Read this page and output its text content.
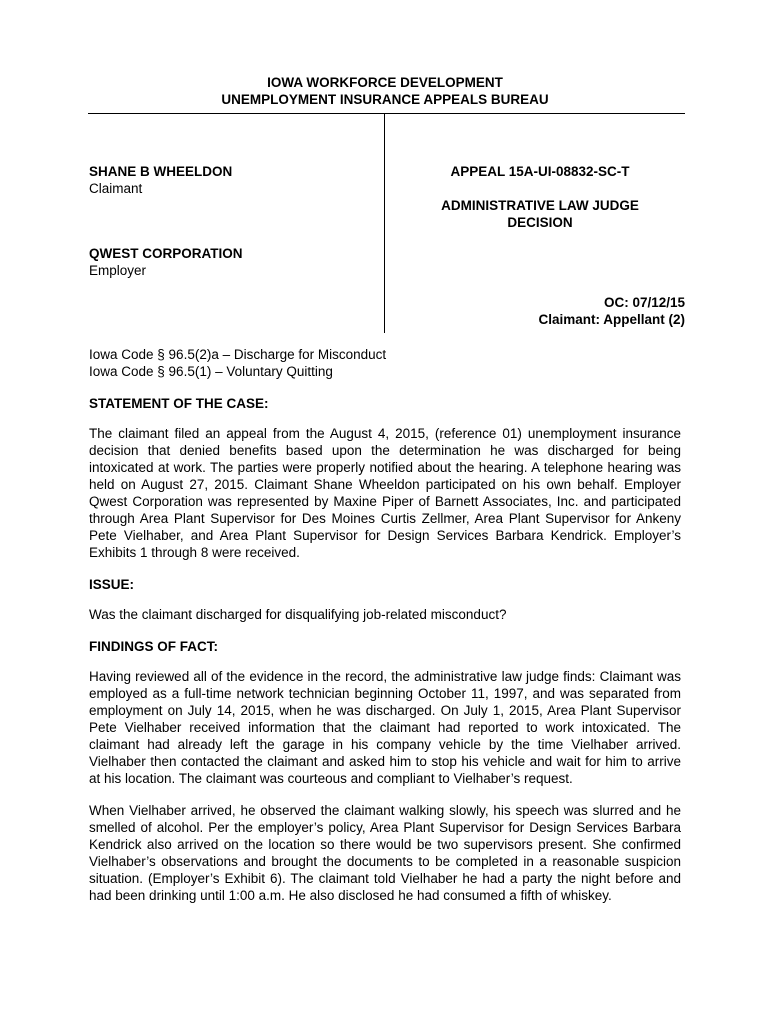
IOWA WORKFORCE DEVELOPMENT
UNEMPLOYMENT INSURANCE APPEALS BUREAU
SHANE B WHEELDON
Claimant
QWEST CORPORATION
Employer
APPEAL 15A-UI-08832-SC-T
ADMINISTRATIVE LAW JUDGE
DECISION
OC: 07/12/15
Claimant: Appellant (2)
Iowa Code § 96.5(2)a – Discharge for Misconduct
Iowa Code § 96.5(1) – Voluntary Quitting
STATEMENT OF THE CASE:
The claimant filed an appeal from the August 4, 2015, (reference 01) unemployment insurance decision that denied benefits based upon the determination he was discharged for being intoxicated at work. The parties were properly notified about the hearing. A telephone hearing was held on August 27, 2015. Claimant Shane Wheeldon participated on his own behalf. Employer Qwest Corporation was represented by Maxine Piper of Barnett Associates, Inc. and participated through Area Plant Supervisor for Des Moines Curtis Zellmer, Area Plant Supervisor for Ankeny Pete Vielhaber, and Area Plant Supervisor for Design Services Barbara Kendrick. Employer’s Exhibits 1 through 8 were received.
ISSUE:
Was the claimant discharged for disqualifying job-related misconduct?
FINDINGS OF FACT:
Having reviewed all of the evidence in the record, the administrative law judge finds: Claimant was employed as a full-time network technician beginning October 11, 1997, and was separated from employment on July 14, 2015, when he was discharged. On July 1, 2015, Area Plant Supervisor Pete Vielhaber received information that the claimant had reported to work intoxicated. The claimant had already left the garage in his company vehicle by the time Vielhaber arrived. Vielhaber then contacted the claimant and asked him to stop his vehicle and wait for him to arrive at his location. The claimant was courteous and compliant to Vielhaber’s request.
When Vielhaber arrived, he observed the claimant walking slowly, his speech was slurred and he smelled of alcohol. Per the employer’s policy, Area Plant Supervisor for Design Services Barbara Kendrick also arrived on the location so there would be two supervisors present. She confirmed Vielhaber’s observations and brought the documents to be completed in a reasonable suspicion situation. (Employer’s Exhibit 6). The claimant told Vielhaber he had a party the night before and had been drinking until 1:00 a.m. He also disclosed he had consumed a fifth of whiskey.
